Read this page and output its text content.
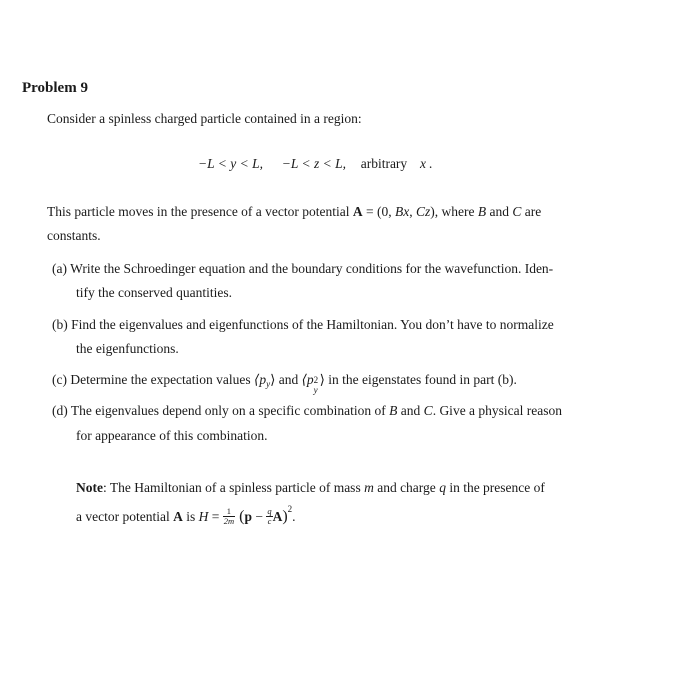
Problem 9
Consider a spinless charged particle contained in a region:
−L < y < L, −L < z < L, arbitrary x .
This particle moves in the presence of a vector potential A = (0, Bx, Cz), where B and C are
constants.
(a) Write the Schroedinger equation and the boundary conditions for the wavefunction. Iden-
tify the conserved quantities.
(b) Find the eigenvalues and eigenfunctions of the Hamiltonian. You don’t have to normalize
the eigenfunctions.
(c) Determine the expectation values $⟨p_y⟩$ and ⟨p 2
y
⟩ in the eigenstates found in part (b).
(d) The eigenvalues depend only on a specific combination of B and C. Give a physical reason
for appearance of this combination.
Note: The Hamiltonian of a spinless particle of mass m and charge q in the presence of
a vector potential A is $H = \frac{1}{2m} (p - \frac{q}{c} A)^2$.
